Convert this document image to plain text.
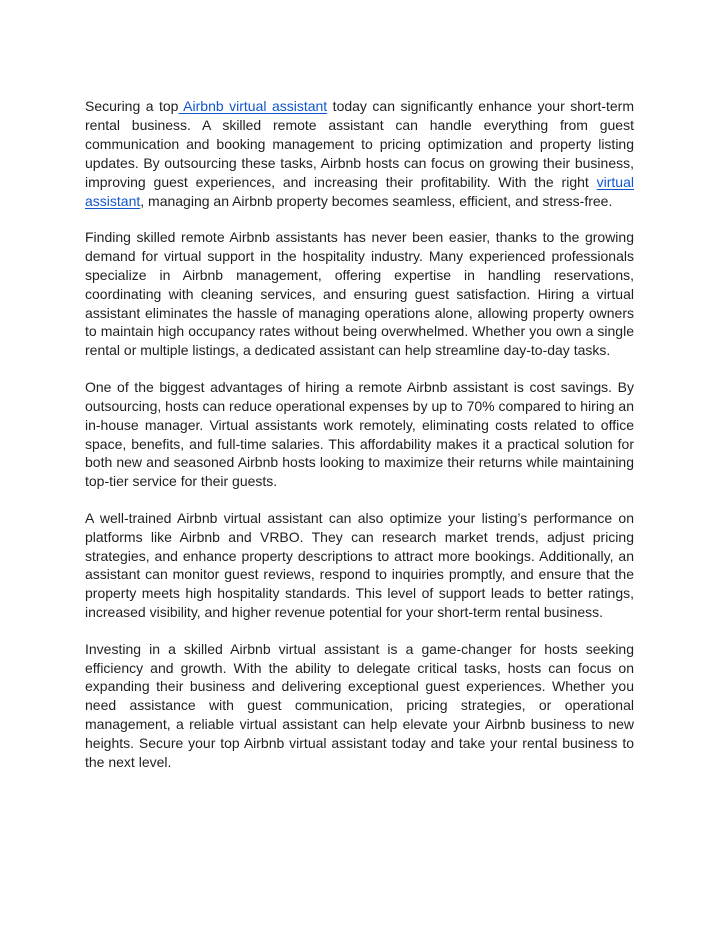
Securing a top Airbnb virtual assistant today can significantly enhance your short-term rental business. A skilled remote assistant can handle everything from guest communication and booking management to pricing optimization and property listing updates. By outsourcing these tasks, Airbnb hosts can focus on growing their business, improving guest experiences, and increasing their profitability. With the right virtual assistant, managing an Airbnb property becomes seamless, efficient, and stress-free.

Finding skilled remote Airbnb assistants has never been easier, thanks to the growing demand for virtual support in the hospitality industry. Many experienced professionals specialize in Airbnb management, offering expertise in handling reservations, coordinating with cleaning services, and ensuring guest satisfaction. Hiring a virtual assistant eliminates the hassle of managing operations alone, allowing property owners to maintain high occupancy rates without being overwhelmed. Whether you own a single rental or multiple listings, a dedicated assistant can help streamline day-to-day tasks.

One of the biggest advantages of hiring a remote Airbnb assistant is cost savings. By outsourcing, hosts can reduce operational expenses by up to 70% compared to hiring an in-house manager. Virtual assistants work remotely, eliminating costs related to office space, benefits, and full-time salaries. This affordability makes it a practical solution for both new and seasoned Airbnb hosts looking to maximize their returns while maintaining top-tier service for their guests.

A well-trained Airbnb virtual assistant can also optimize your listing’s performance on platforms like Airbnb and VRBO. They can research market trends, adjust pricing strategies, and enhance property descriptions to attract more bookings. Additionally, an assistant can monitor guest reviews, respond to inquiries promptly, and ensure that the property meets high hospitality standards. This level of support leads to better ratings, increased visibility, and higher revenue potential for your short-term rental business.

Investing in a skilled Airbnb virtual assistant is a game-changer for hosts seeking efficiency and growth. With the ability to delegate critical tasks, hosts can focus on expanding their business and delivering exceptional guest experiences. Whether you need assistance with guest communication, pricing strategies, or operational management, a reliable virtual assistant can help elevate your Airbnb business to new heights. Secure your top Airbnb virtual assistant today and take your rental business to the next level.
